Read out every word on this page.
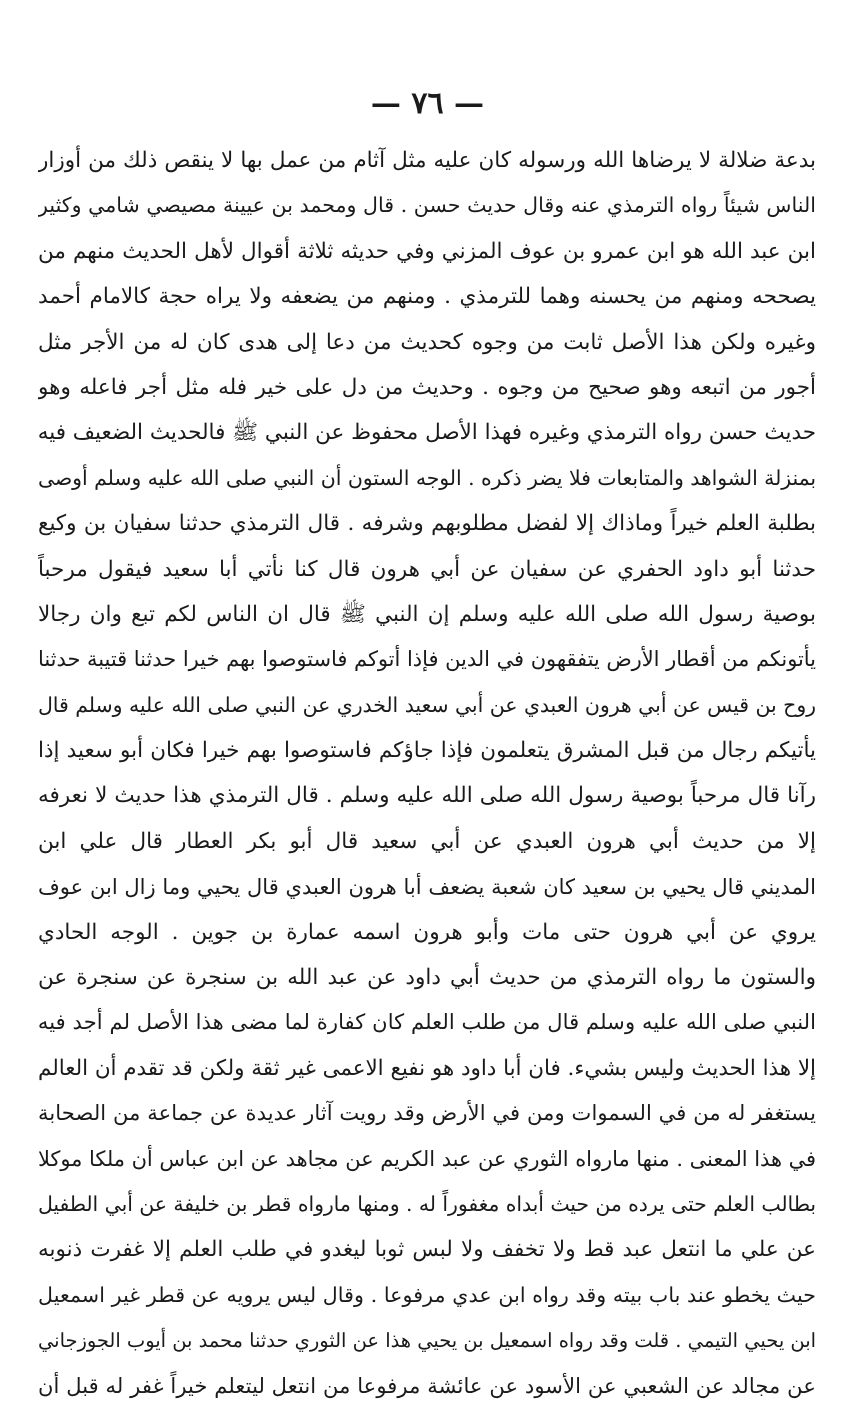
— ٧٦ —
بدعة ضلالة لا يرضاها الله ورسوله كان عليه مثل آثام من عمل بها لا ينقص ذلك من أوزار
الناس شيئاً رواه الترمذي عنه وقال حديث حسن . قال ومحمد بن عيينة مصيصي شامي وكثير
ابن عبد الله هو ابن عمرو بن عوف المزني وفي حديثه ثلاثة أقوال لأهل الحديث منهم من
يصححه ومنهم من يحسنه وهما للترمذي . ومنهم من يضعفه ولا يراه حجة كالامام أحمد
وغيره ولكن هذا الأصل ثابت من وجوه كحديث من دعا إلى هدى كان له من الأجر مثل
أجور من اتبعه وهو صحيح من وجوه . وحديث من دل على خير فله مثل أجر فاعله وهو
حديث حسن رواه الترمذي وغيره فهذا الأصل محفوظ عن النبي ﷺ فالحديث الضعيف فيه
بمنزلة الشواهد والمتابعات فلا يضر ذكره . الوجه الستون أن النبي صلى الله عليه وسلم أوصى
بطلبة العلم خيراً وماذاك إلا لفضل مطلوبهم وشرفه . قال الترمذي حدثنا سفيان بن وكيع
حدثنا أبو داود الحفري عن سفيان عن أبي هرون قال كنا نأتي أبا سعيد فيقول مرحباً
بوصية رسول الله صلى الله عليه وسلم إن النبي ﷺ قال ان الناس لكم تبع وان رجالا
يأتونكم من أقطار الأرض يتفقهون في الدين فإذا أتوكم فاستوصوا بهم خيرا حدثنا قتيبة حدثنا
روح بن قيس عن أبي هرون العبدي عن أبي سعيد الخدري عن النبي صلى الله عليه وسلم قال
يأتيكم رجال من قبل المشرق يتعلمون فإذا جاؤكم فاستوصوا بهم خيرا فكان أبو سعيد إذا
رآنا قال مرحباً بوصية رسول الله صلى الله عليه وسلم . قال الترمذي هذا حديث لا نعرفه
إلا من حديث أبي هرون العبدي عن أبي سعيد قال أبو بكر العطار قال علي ابن
المديني قال يحيي بن سعيد كان شعبة يضعف أبا هرون العبدي قال يحيي وما زال ابن عوف
يروي عن أبي هرون حتى مات وأبو هرون اسمه عمارة بن جوين . الوجه الحادي
والستون ما رواه الترمذي من حديث أبي داود عن عبد الله بن سنجرة عن سنجرة عن
النبي صلى الله عليه وسلم قال من طلب العلم كان كفارة لما مضى هذا الأصل لم أجد فيه
إلا هذا الحديث وليس بشيء. فان أبا داود هو نفيع الاعمى غير ثقة ولكن قد تقدم أن العالم
يستغفر له من في السموات ومن في الأرض وقد رويت آثار عديدة عن جماعة من الصحابة
في هذا المعنى . منها مارواه الثوري عن عبد الكريم عن مجاهد عن ابن عباس أن ملكا موكلا
بطالب العلم حتى يرده من حيث أبداه مغفوراً له . ومنها مارواه قطر بن خليفة عن أبي الطفيل
عن علي ما انتعل عبد قط ولا تخفف ولا لبس ثوبا ليغدو في طلب العلم إلا غفرت ذنوبه
حيث يخطو عند باب بيته وقد رواه ابن عدي مرفوعا . وقال ليس يرويه عن قطر غير اسمعيل
ابن يحيي التيمي . قلت وقد رواه اسمعيل بن يحيي هذا عن الثوري حدثنا محمد بن أيوب الجوزجاني
عن مجالد عن الشعبي عن الأسود عن عائشة مرفوعا من انتعل ليتعلم خيراً غفر له قبل أن
